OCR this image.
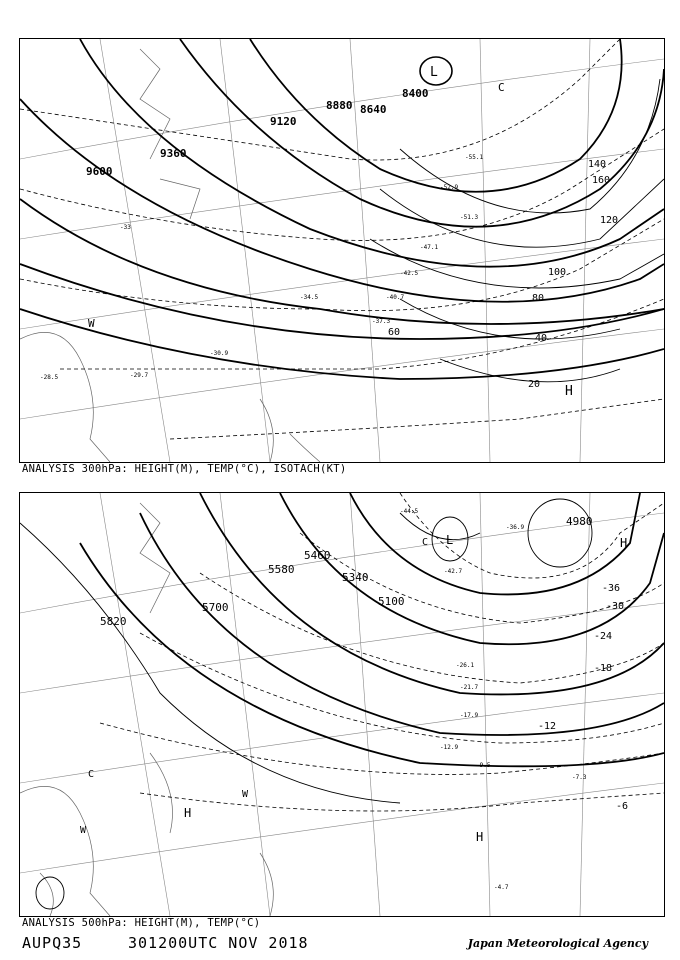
8400
8640
8880
9120
9360
9600
20
40
60
80
100
120
140
160
L
H
W
C
-55.1
-52.9
-51.3
-47.1
-42.5
-40.7
-37.3
-34.5
-33
-30.9
-29.7
-28.5
ANALYSIS 300hPa: HEIGHT(M), TEMP(°C), ISOTACH(KT)
4980
5100
5340
5460
5580
5700
5820
-36
-30
-24
-18
-12
-6
L
H
H
H
W
W
C
C
-44.5
-42.7
-36.9
-26.1
-21.7
-17.9
-12.9
-9.5
-7.3
-4.7
ANALYSIS 500hPa: HEIGHT(M), TEMP(°C)
AUPQ35	301200UTC NOV 2018	Japan Meteorological Agency
